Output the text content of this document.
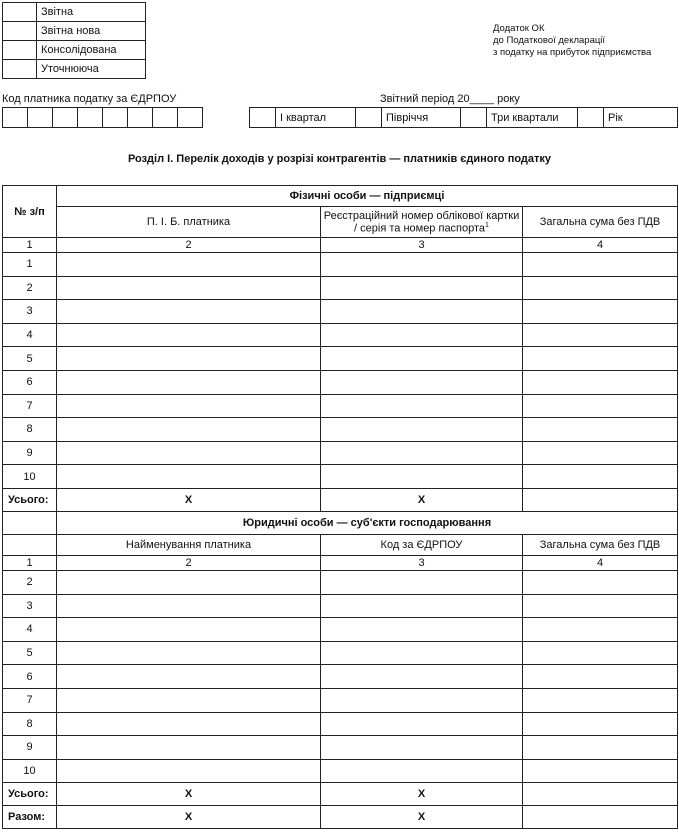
	Звітна
	Звітна нова
	Консолідована
	Уточнююча
Додаток ОК
до Податкової декларації
з податку на прибуток підприємства
Код платника податку за ЄДРПОУ	Звітний період 20____ року

	І квартал		Півріччя		Три квартали		Рік
Розділ І. Перелік доходів у розрізі контрагентів — платників єдиного податку
№ з/п	Фізичні особи — підприємці		
	П. І. Б. платника	Реєстраційний номер облікової картки / серія та номер паспорта$^1$	Загальна сума без ПДВ
1	2	3	4
1			
2			
3			
4			
5			
6			
7			
8			
9			
10			
Усього:	Х	Х	
	Юридичні особи — суб'єкти господарювання		
	Найменування платника	Код за ЄДРПОУ	Загальна сума без ПДВ
1	2	3	4
2			
3			
4			
5			
6			
7			
8			
9			
10			
Усього:	Х	Х	
Разом:	Х	Х	
